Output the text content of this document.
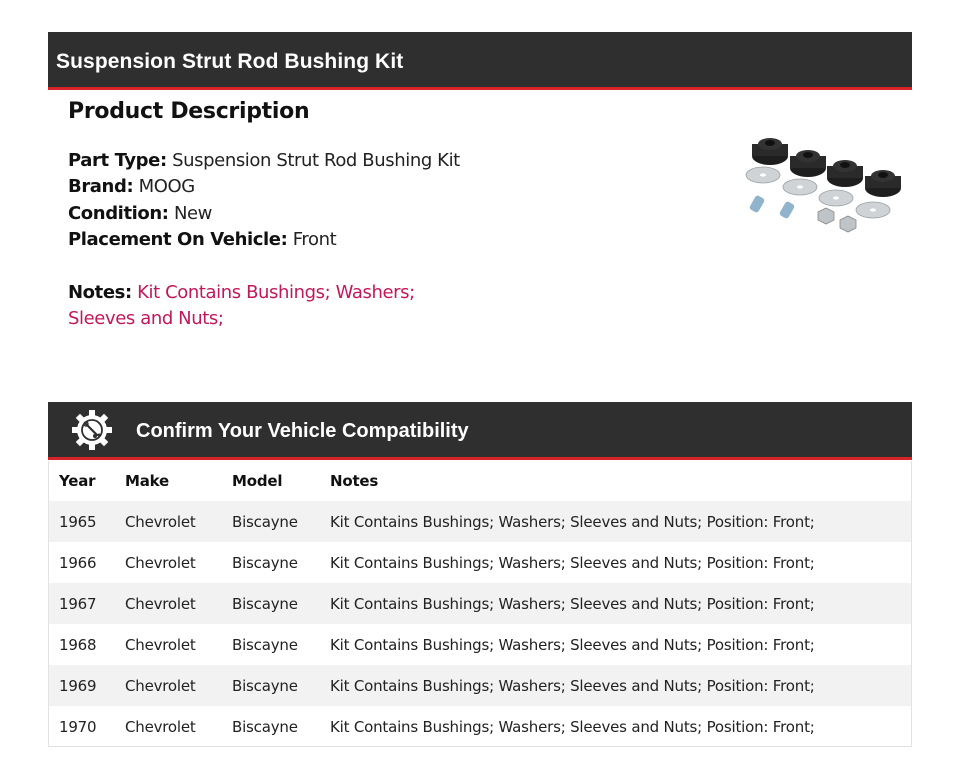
Suspension Strut Rod Bushing Kit
Product Description
Part Type: Suspension Strut Rod Bushing Kit
Brand: MOOG
Condition: New
Placement On Vehicle: Front
Notes: Kit Contains Bushings; Washers; Sleeves and Nuts;
Confirm Your Vehicle Compatibility
Year	Make	Model	Notes
1965	Chevrolet	Biscayne	Kit Contains Bushings; Washers; Sleeves and Nuts; Position: Front;
1966	Chevrolet	Biscayne	Kit Contains Bushings; Washers; Sleeves and Nuts; Position: Front;
1967	Chevrolet	Biscayne	Kit Contains Bushings; Washers; Sleeves and Nuts; Position: Front;
1968	Chevrolet	Biscayne	Kit Contains Bushings; Washers; Sleeves and Nuts; Position: Front;
1969	Chevrolet	Biscayne	Kit Contains Bushings; Washers; Sleeves and Nuts; Position: Front;
1970	Chevrolet	Biscayne	Kit Contains Bushings; Washers; Sleeves and Nuts; Position: Front;
